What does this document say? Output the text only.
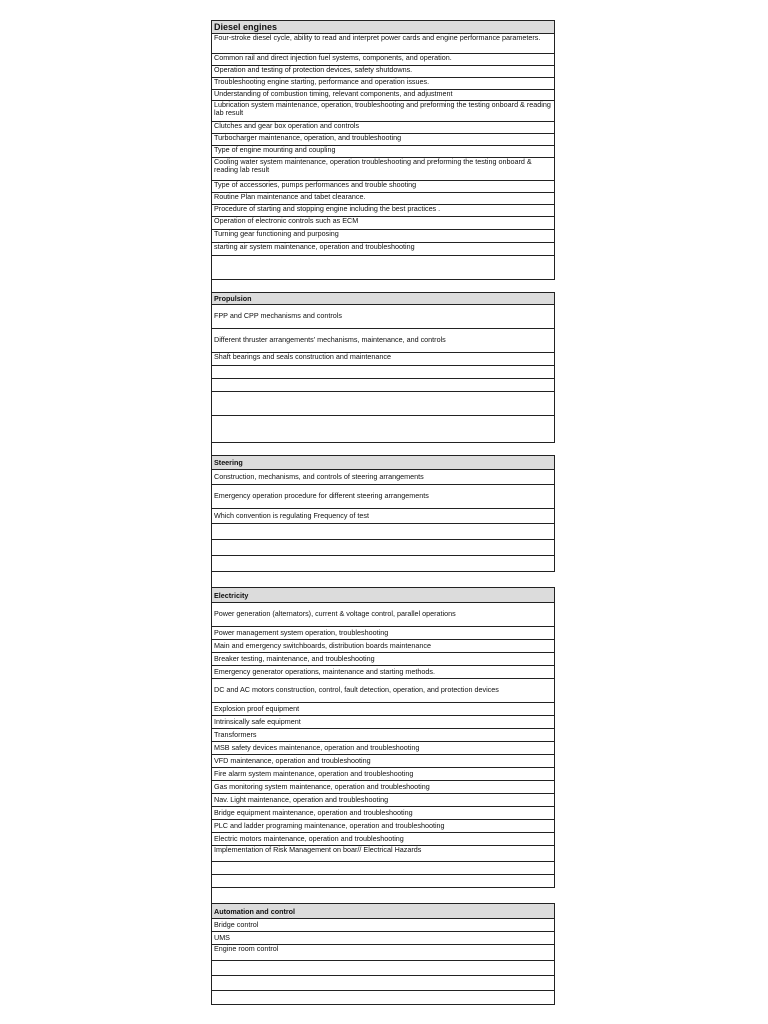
Diesel engines
Four-stroke diesel cycle, ability to read and interpret power cards and engine performance parameters.
Common rail and direct injection fuel systems, components, and operation.
Operation and testing of protection devices, safety shutdowns.
Troubleshooting engine starting, performance and operation issues.
Understanding of combustion timing, relevant components, and adjustment
Lubrication system maintenance, operation, troubleshooting and preforming the testing onboard & reading lab result
Clutches and gear box operation and controls
Turbocharger maintenance, operation, and troubleshooting
Type of engine mounting and coupling
Cooling water system maintenance, operation troubleshooting and preforming the testing onboard & reading lab result
Type of accessories, pumps performances and trouble shooting
Routine Plan maintenance and tabet clearance.
Procedure of starting and stopping engine including the best practices .
Operation of electronic controls such as ECM
Turning gear functioning and purposing
starting air system maintenance, operation and troubleshooting
Propulsion
FPP and CPP mechanisms and controls
Different thruster arrangements' mechanisms, maintenance, and controls
Shaft bearings and seals construction and maintenance
Steering
Construction, mechanisms, and controls of steering arrangements
Emergency operation procedure for different steering arrangements
Which convention is regulating Frequency of test
Electricity
Power generation (alternators), current & voltage control, parallel operations
Power management system operation, troubleshooting
Main and emergency switchboards, distribution boards maintenance
Breaker testing, maintenance, and troubleshooting
Emergency generator operations, maintenance and starting methods.
DC and AC motors construction, control, fault detection, operation, and protection devices
Explosion proof equipment
Intrinsically safe equipment
Transformers
MSB safety devices maintenance, operation and troubleshooting
VFD maintenance, operation and troubleshooting
Fire alarm system maintenance, operation and troubleshooting
Gas monitoring system maintenance, operation and troubleshooting
Nav. Light maintenance, operation and troubleshooting
Bridge equipment maintenance, operation and troubleshooting
PLC and ladder programing maintenance, operation and troubleshooting
Electric motors maintenance, operation and troubleshooting
Implementation of Risk Management on boar// Electrical Hazards
Automation and control
Bridge control
UMS
Engine room control
